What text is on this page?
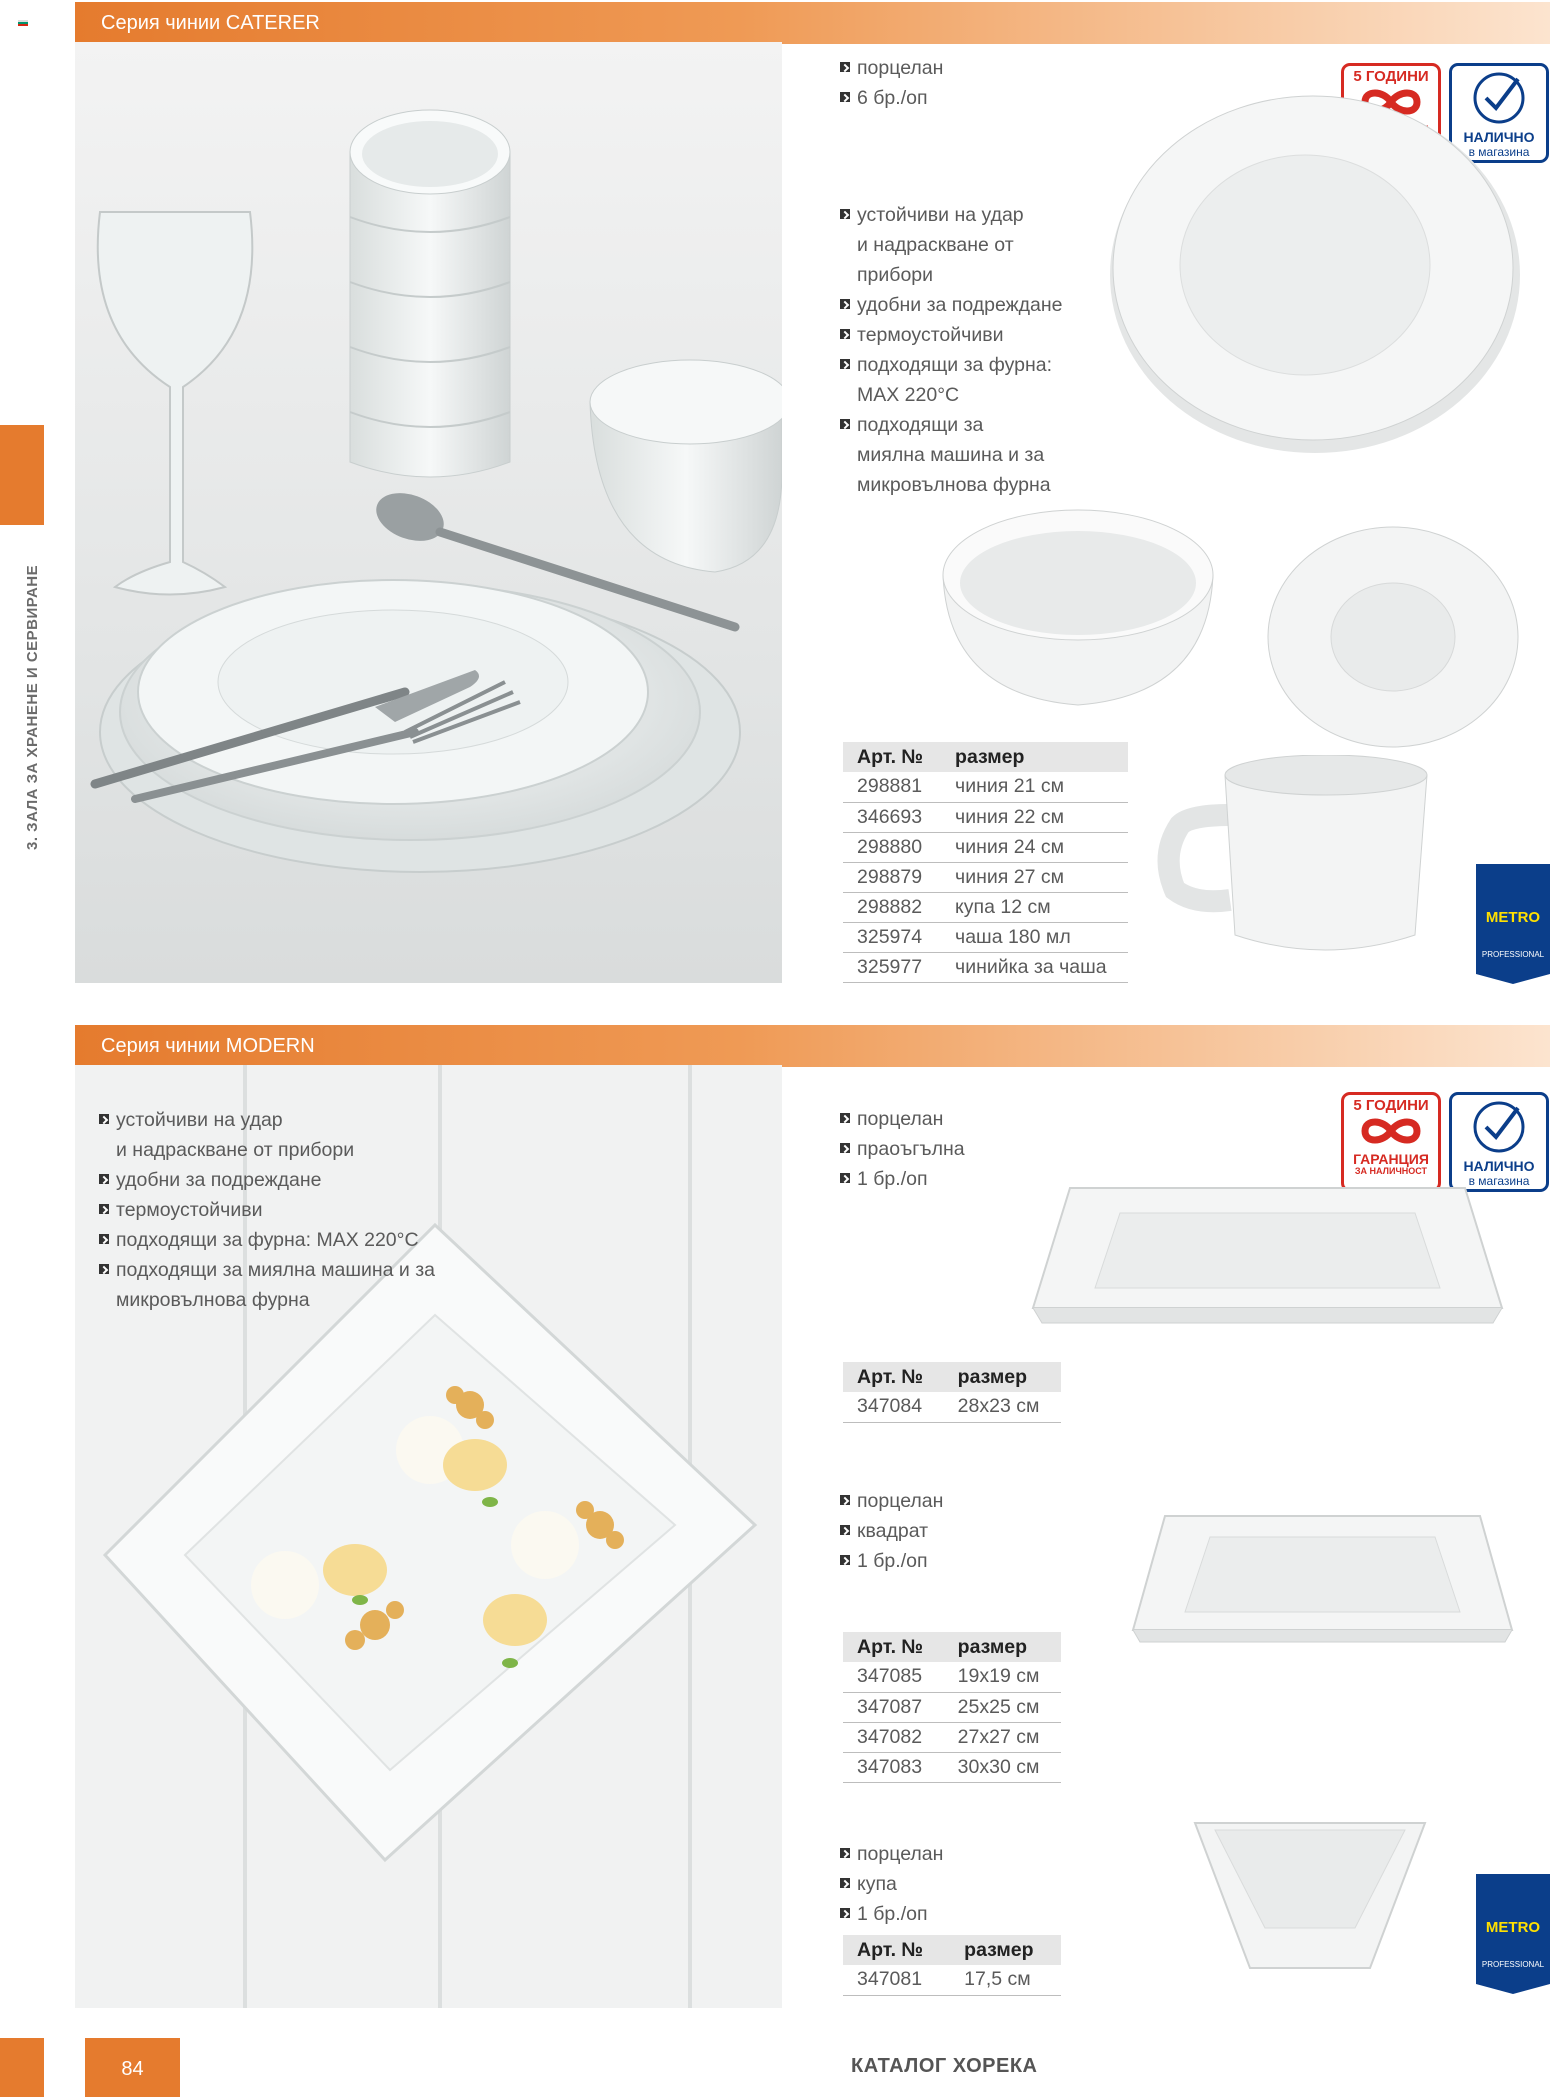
3. ЗАЛА ЗА ХРАНЕНЕ И СЕРВИРАНЕ
Серия чинии CATERER
порцелан
6 бр./оп
устойчиви на удар
и надраскване от
прибори
удобни за подреждане
термоустойчиви
подходящи за фурна:
MAX 220°C
подходящи за
миялна машина и за
микровълнова фурна
5 ГОДИНИ
НАЛИЧНО
в магазина
Арт. №	размер
298881	чиния 21 см
346693	чиния 22 см
298880	чиния 24 см
298879	чиния 27 см
298882	купа 12 см
325974	чаша 180 мл
325977	чинийка за чаша
METRO
PROFESSIONAL
Серия чинии MODERN
устойчиви на удар
и надраскване от прибори
удобни за подреждане
термоустойчиви
подходящи за фурна: MAX 220°C
подходящи за миялна машина и за
микровълнова фурна
5 ГОДИНИ
ГАРАНЦИЯ
ЗА НАЛИЧНОСТ	НАЛИЧНО
в магазина
порцелан
праоъгълна
1 бр./оп
Арт. №	размер
347084	28x23 см
порцелан
квадрат
1 бр./оп
Арт. №	размер
347085	19x19 см
347087	25x25 см
347082	27x27 см
347083	30x30 см
порцелан
купа
1 бр./оп
Арт. №	размер
347081	17,5 см
METRO
PROFESSIONAL
84	КАТАЛОГ ХОРЕКА
